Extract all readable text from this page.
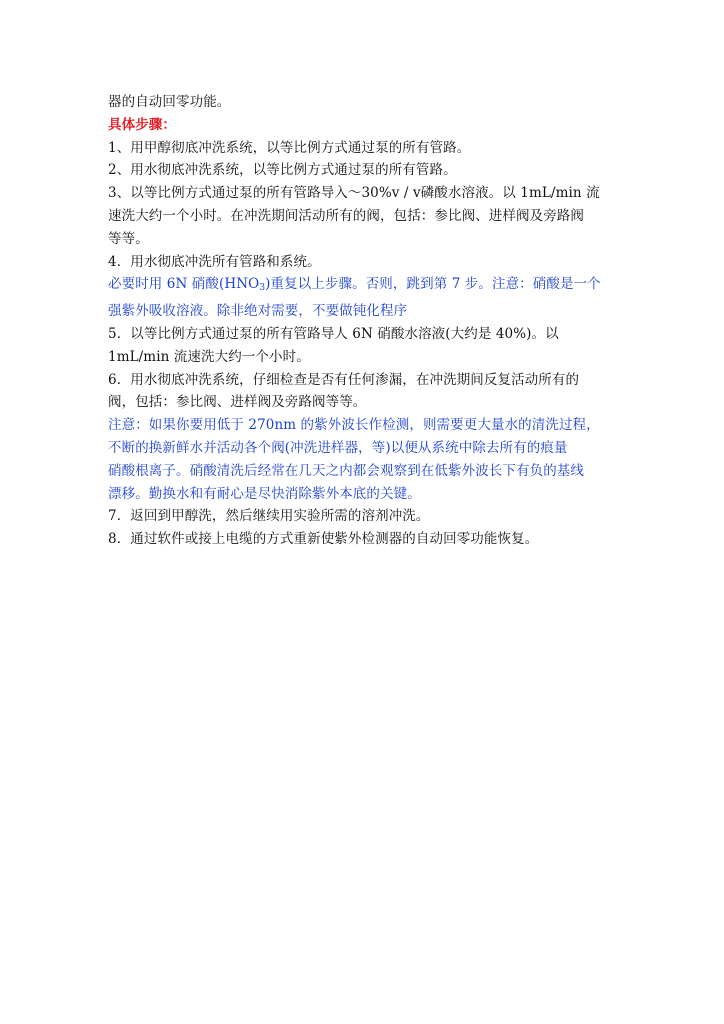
器的自动回零功能。
具体步骤：
1、用甲醇彻底冲洗系统，以等比例方式通过泵的所有管路。
2、用水彻底冲洗系统，以等比例方式通过泵的所有管路。
3、以等比例方式通过泵的所有管路导入～30%v / v磷酸水溶液。以 1mL/min 流
速洗大约一个小时。在冲洗期间活动所有的阀，包括：参比阀、进样阀及旁路阀
等等。
4．用水彻底冲洗所有管路和系统。
必要时用 6N 硝酸$(HNO_3)$重复以上步骤。否则，跳到第 7 步。注意：硝酸是一个
强紫外吸收溶液。除非绝对需要，不要做钝化程序
5．以等比例方式通过泵的所有管路导人 6N 硝酸水溶液(大约是 40%)。以
1mL/min 流速洗大约一个小时。
6．用水彻底冲洗系统，仔细检查是否有任何渗漏，在冲洗期间反复活动所有的
阀，包括：参比阀、进样阀及旁路阀等等。
注意：如果你要用低于 270nm 的紫外波长作检测，则需要更大量水的清洗过程，
不断的换新鲜水并活动各个阀(冲洗进样器，等)以便从系统中除去所有的痕量
硝酸根离子。硝酸清洗后经常在几天之内都会观察到在低紫外波长下有负的基线
漂移。勤换水和有耐心是尽快消除紫外本底的关键。
7．返回到甲醇洗，然后继续用实验所需的溶剂冲洗。
8．通过软件或接上电缆的方式重新使紫外检测器的自动回零功能恢复。
